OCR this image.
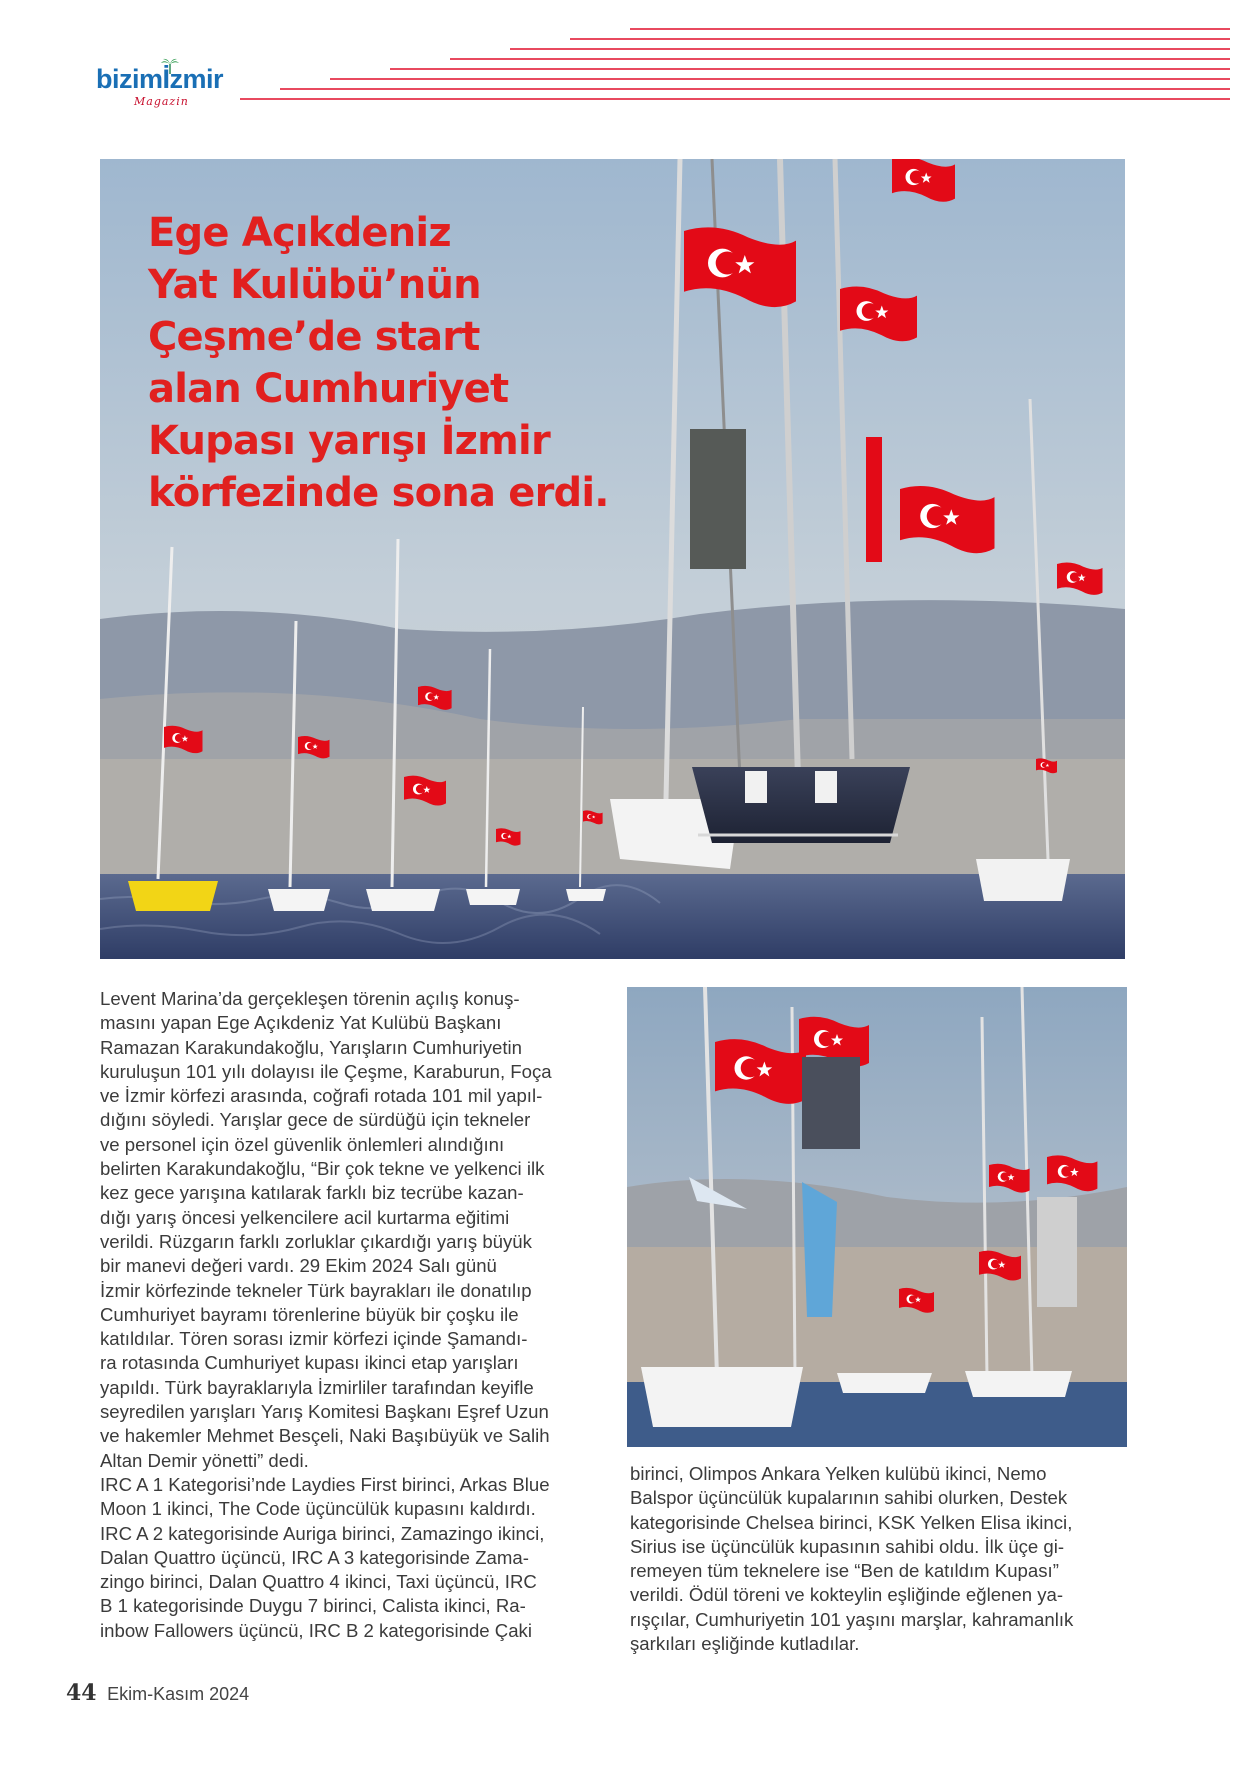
bizimİzmir
Magazin
Ege Açıkdeniz
Yat Kulübü’nün
Çeşme’de start
alan Cumhuriyet
Kupası yarışı İzmir
körfezinde sona erdi.
Levent Marina’da gerçekleşen törenin açılış konuş-
masını yapan Ege Açıkdeniz Yat Kulübü Başkanı
Ramazan Karakundakoğlu, Yarışların Cumhuriyetin
kuruluşun 101 yılı dolayısı ile Çeşme, Karaburun, Foça
ve İzmir körfezi arasında, coğrafi rotada 101 mil yapıl-
dığını söyledi. Yarışlar gece de sürdüğü için tekneler
ve personel için özel güvenlik önlemleri alındığını
belirten Karakundakoğlu, “Bir çok tekne ve yelkenci ilk
kez gece yarışına katılarak farklı biz tecrübe kazan-
dığı yarış öncesi yelkencilere acil kurtarma eğitimi
verildi. Rüzgarın farklı zorluklar çıkardığı yarış büyük
bir manevi değeri vardı. 29 Ekim 2024 Salı günü
İzmir körfezinde tekneler Türk bayrakları ile donatılıp
Cumhuriyet bayramı törenlerine büyük bir çoşku ile
katıldılar. Tören sorası izmir körfezi içinde Şamandı-
ra rotasında Cumhuriyet kupası ikinci etap yarışları
yapıldı. Türk bayraklarıyla İzmirliler tarafından keyifle
seyredilen yarışları Yarış Komitesi Başkanı Eşref Uzun
ve hakemler Mehmet Besçeli, Naki Başıbüyük ve Salih
Altan Demir yönetti” dedi.
IRC A 1 Kategorisi’nde Laydies First birinci, Arkas Blue
Moon 1 ikinci, The Code üçüncülük kupasını kaldırdı.
IRC A 2 kategorisinde Auriga birinci, Zamazingo ikinci,
Dalan Quattro üçüncü, IRC A 3 kategorisinde Zama-
zingo birinci, Dalan Quattro 4 ikinci, Taxi üçüncü, IRC
B 1 kategorisinde Duygu 7 birinci, Calista ikinci, Ra-
inbow Fallowers üçüncü, IRC B 2 kategorisinde Çaki
birinci, Olimpos Ankara Yelken kulübü ikinci, Nemo
Balspor üçüncülük kupalarının sahibi olurken, Destek
kategorisinde Chelsea birinci, KSK Yelken Elisa ikinci,
Sirius ise üçüncülük kupasının sahibi oldu. İlk üçe gi-
remeyen tüm teknelere ise “Ben de katıldım Kupası”
verildi. Ödül töreni ve kokteylin eşliğinde eğlenen ya-
rışçılar, Cumhuriyetin 101 yaşını marşlar, kahramanlık
şarkıları eşliğinde kutladılar.
44 Ekim-Kasım 2024
